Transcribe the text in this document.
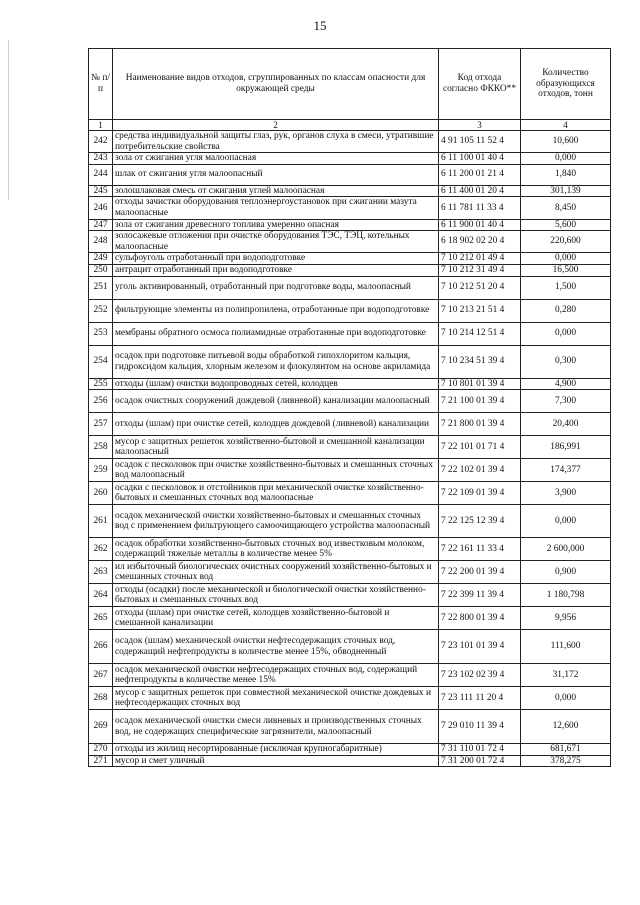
15
№ п/п	Наименование видов отходов, сгруппированных по классам опасности для окружающей среды	Код отхода согласно ФККО**	Количество образующихся отходов, тонн
1	2	3	4
242	средства индивидуальной защиты глаз, рук, органов слуха в смеси, утратившие потребительские свойства	4 91 105 11 52 4	10,600
243	зола от сжигания угля малоопасная	6 11 100 01 40 4	0,000
244	шлак от сжигания угля малоопасный	6 11 200 01 21 4	1,840
245	золошлаковая смесь от сжигания углей малоопасная	6 11 400 01 20 4	301,139
246	отходы зачистки оборудования теплоэнергоустановок при сжигании мазута малоопасные	6 11 781 11 33 4	8,450
247	зола от сжигания древесного топлива умеренно опасная	6 11 900 01 40 4	5,600
248	золосажевые отложения при очистке оборудования ТЭС, ТЭЦ, котельных малоопасные	6 18 902 02 20 4	220,600
249	сульфоуголь отработанный при водоподготовке	7 10 212 01 49 4	0,000
250	антрацит отработанный при водоподготовке	7 10 212 31 49 4	16,500
251	уголь активированный, отработанный при подготовке воды, малоопасный	7 10 212 51 20 4	1,500
252	фильтрующие элементы из полипропилена, отработанные при водоподготовке	7 10 213 21 51 4	0,280
253	мембраны обратного осмоса полиамидные отработанные при водоподготовке	7 10 214 12 51 4	0,000
254	осадок при подготовке питьевой воды обработкой гипохлоритом кальция, гидроксидом кальция, хлорным железом и флокулянтом на основе акриламида	7 10 234 51 39 4	0,300
255	отходы (шлам) очистки водопроводных сетей, колодцев	7 10 801 01 39 4	4,900
256	осадок очистных сооружений дождевой (ливневой) канализации малоопасный	7 21 100 01 39 4	7,300
257	отходы (шлам) при очистке сетей, колодцев дождевой (ливневой) канализации	7 21 800 01 39 4	20,400
258	мусор с защитных решеток хозяйственно-бытовой и смешанной канализации малоопасный	7 22 101 01 71 4	186,991
259	осадок с песколовок при очистке хозяйственно-бытовых и смешанных сточных вод малоопасный	7 22 102 01 39 4	174,377
260	осадки с песколовок и отстойников при механической очистке хозяйственно-бытовых и смешанных сточных вод малоопасные	7 22 109 01 39 4	3,900
261	осадок механической очистки хозяйственно-бытовых и смешанных сточных вод с применением фильтрующего самоочищающего устройства малоопасный	7 22 125 12 39 4	0,000
262	осадок обработки хозяйственно-бытовых сточных вод известковым молоком, содержащий тяжелые металлы в количестве менее 5%	7 22 161 11 33 4	2 600,000
263	ил избыточный биологических очистных сооружений хозяйственно-бытовых и смешанных сточных вод	7 22 200 01 39 4	0,900
264	отходы (осадки) после механической и биологической очистки хозяйственно-бытовых и смешанных сточных вод	7 22 399 11 39 4	1 180,798
265	отходы (шлам) при очистке сетей, колодцев хозяйственно-бытовой и смешанной канализации	7 22 800 01 39 4	9,956
266	осадок (шлам) механической очистки нефтесодержащих сточных вод, содержащий нефтепродукты в количестве менее 15%, обводненный	7 23 101 01 39 4	111,600
267	осадок механической очистки нефтесодержащих сточных вод, содержащий нефтепродукты в количестве менее 15%	7 23 102 02 39 4	31,172
268	мусор с защитных решеток при совместной механической очистке дождевых и нефтесодержащих сточных вод	7 23 111 11 20 4	0,000
269	осадок механической очистки смеси ливневых и производственных сточных вод, не содержащих специфические загрязнители, малоопасный	7 29 010 11 39 4	12,600
270	отходы из жилищ несортированные (исключая крупногабаритные)	7 31 110 01 72 4	681,671
271	мусор и смет уличный	7 31 200 01 72 4	378,275
